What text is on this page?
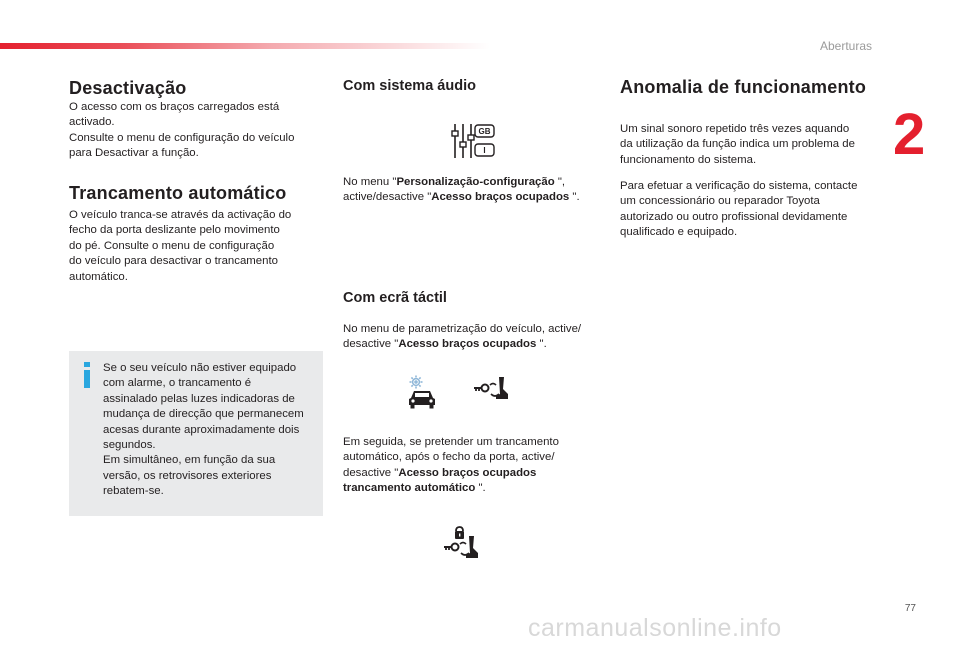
Aberturas
2
Desactivação
O acesso com os braços carregados está
activado.
Consulte o menu de configuração do veículo
para Desactivar a função.
Trancamento automático
O veículo tranca-se através da activação do
fecho da porta deslizante pelo movimento
do pé. Consulte o menu de configuração
do veículo para desactivar o trancamento
automático.
Se o seu veículo não estiver equipado
com alarme, o trancamento é
assinalado pelas luzes indicadoras de
mudança de direcção que permanecem
acesas durante aproximadamente dois
segundos.
Em simultâneo, em função da sua
versão, os retrovisores exteriores
rebatem-se.
Com sistema áudio
GB
I
No menu "Personalização-configuração ",
active/desactive "Acesso braços ocupados ".
Com ecrã táctil
No menu de parametrização do veículo, active/
desactive "Acesso braços ocupados ".
Em seguida, se pretender um trancamento
automático, após o fecho da porta, active/
desactive "Acesso braços ocupados
trancamento automático ".
Anomalia de funcionamento
Um sinal sonoro repetido três vezes aquando
da utilização da função indica um problema de
funcionamento do sistema.
Para efetuar a verificação do sistema, contacte
um concessionário ou reparador Toyota
autorizado ou outro profissional devidamente
qualificado e equipado.
77
carmanualsonline.info
